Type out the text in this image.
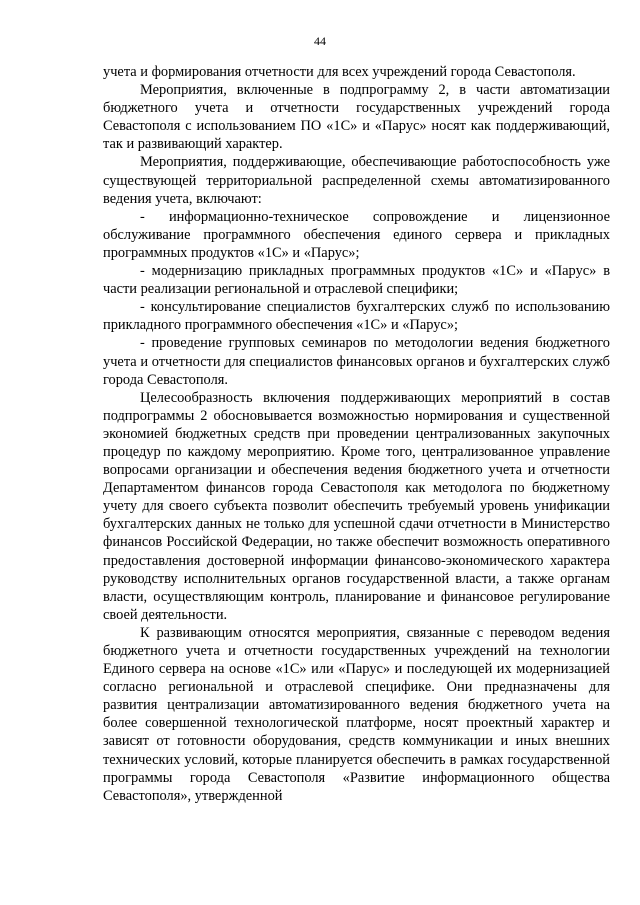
44

учета и формирования отчетности для всех учреждений города Севастополя.

Мероприятия, включенные в подпрограмму 2, в части автоматизации бюджетного учета и отчетности государственных учреждений города Севастополя с использованием ПО «1С» и «Парус» носят как поддерживающий, так и развивающий характер.

Мероприятия, поддерживающие, обеспечивающие работоспособность уже существующей территориальной распределенной схемы автоматизированного ведения учета, включают:

- информационно-техническое сопровождение и лицензионное обслуживание программного обеспечения единого сервера и прикладных программных продуктов «1С» и «Парус»;

- модернизацию прикладных программных продуктов «1С» и «Парус» в части реализации региональной и отраслевой специфики;

- консультирование специалистов бухгалтерских служб по использованию прикладного программного обеспечения «1С» и «Парус»;

- проведение групповых семинаров по методологии ведения бюджетного учета и отчетности для специалистов финансовых органов и бухгалтерских служб города Севастополя.

Целесообразность включения поддерживающих мероприятий в состав подпрограммы 2 обосновывается возможностью нормирования и существенной экономией бюджетных средств при проведении централизованных закупочных процедур по каждому мероприятию. Кроме того, централизованное управление вопросами организации и обеспечения ведения бюджетного учета и отчетности Департаментом финансов города Севастополя как методолога по бюджетному учету для своего субъекта позволит обеспечить требуемый уровень унификации бухгалтерских данных не только для успешной сдачи отчетности в Министерство финансов Российской Федерации, но также обеспечит возможность оперативного предоставления достоверной информации финансово-экономического характера руководству исполнительных органов государственной власти, а также органам власти, осуществляющим контроль, планирование и финансовое регулирование своей деятельности.

К развивающим относятся мероприятия, связанные с переводом ведения бюджетного учета и отчетности государственных учреждений на технологии Единого сервера на основе «1С» или «Парус» и последующей их модернизацией согласно региональной и отраслевой специфике. Они предназначены для развития централизации автоматизированного ведения бюджетного учета на более совершенной технологической платформе, носят проектный характер и зависят от готовности оборудования, средств коммуникации и иных внешних технических условий, которые планируется обеспечить в рамках государственной программы города Севастополя «Развитие информационного общества Севастополя», утвержденной
